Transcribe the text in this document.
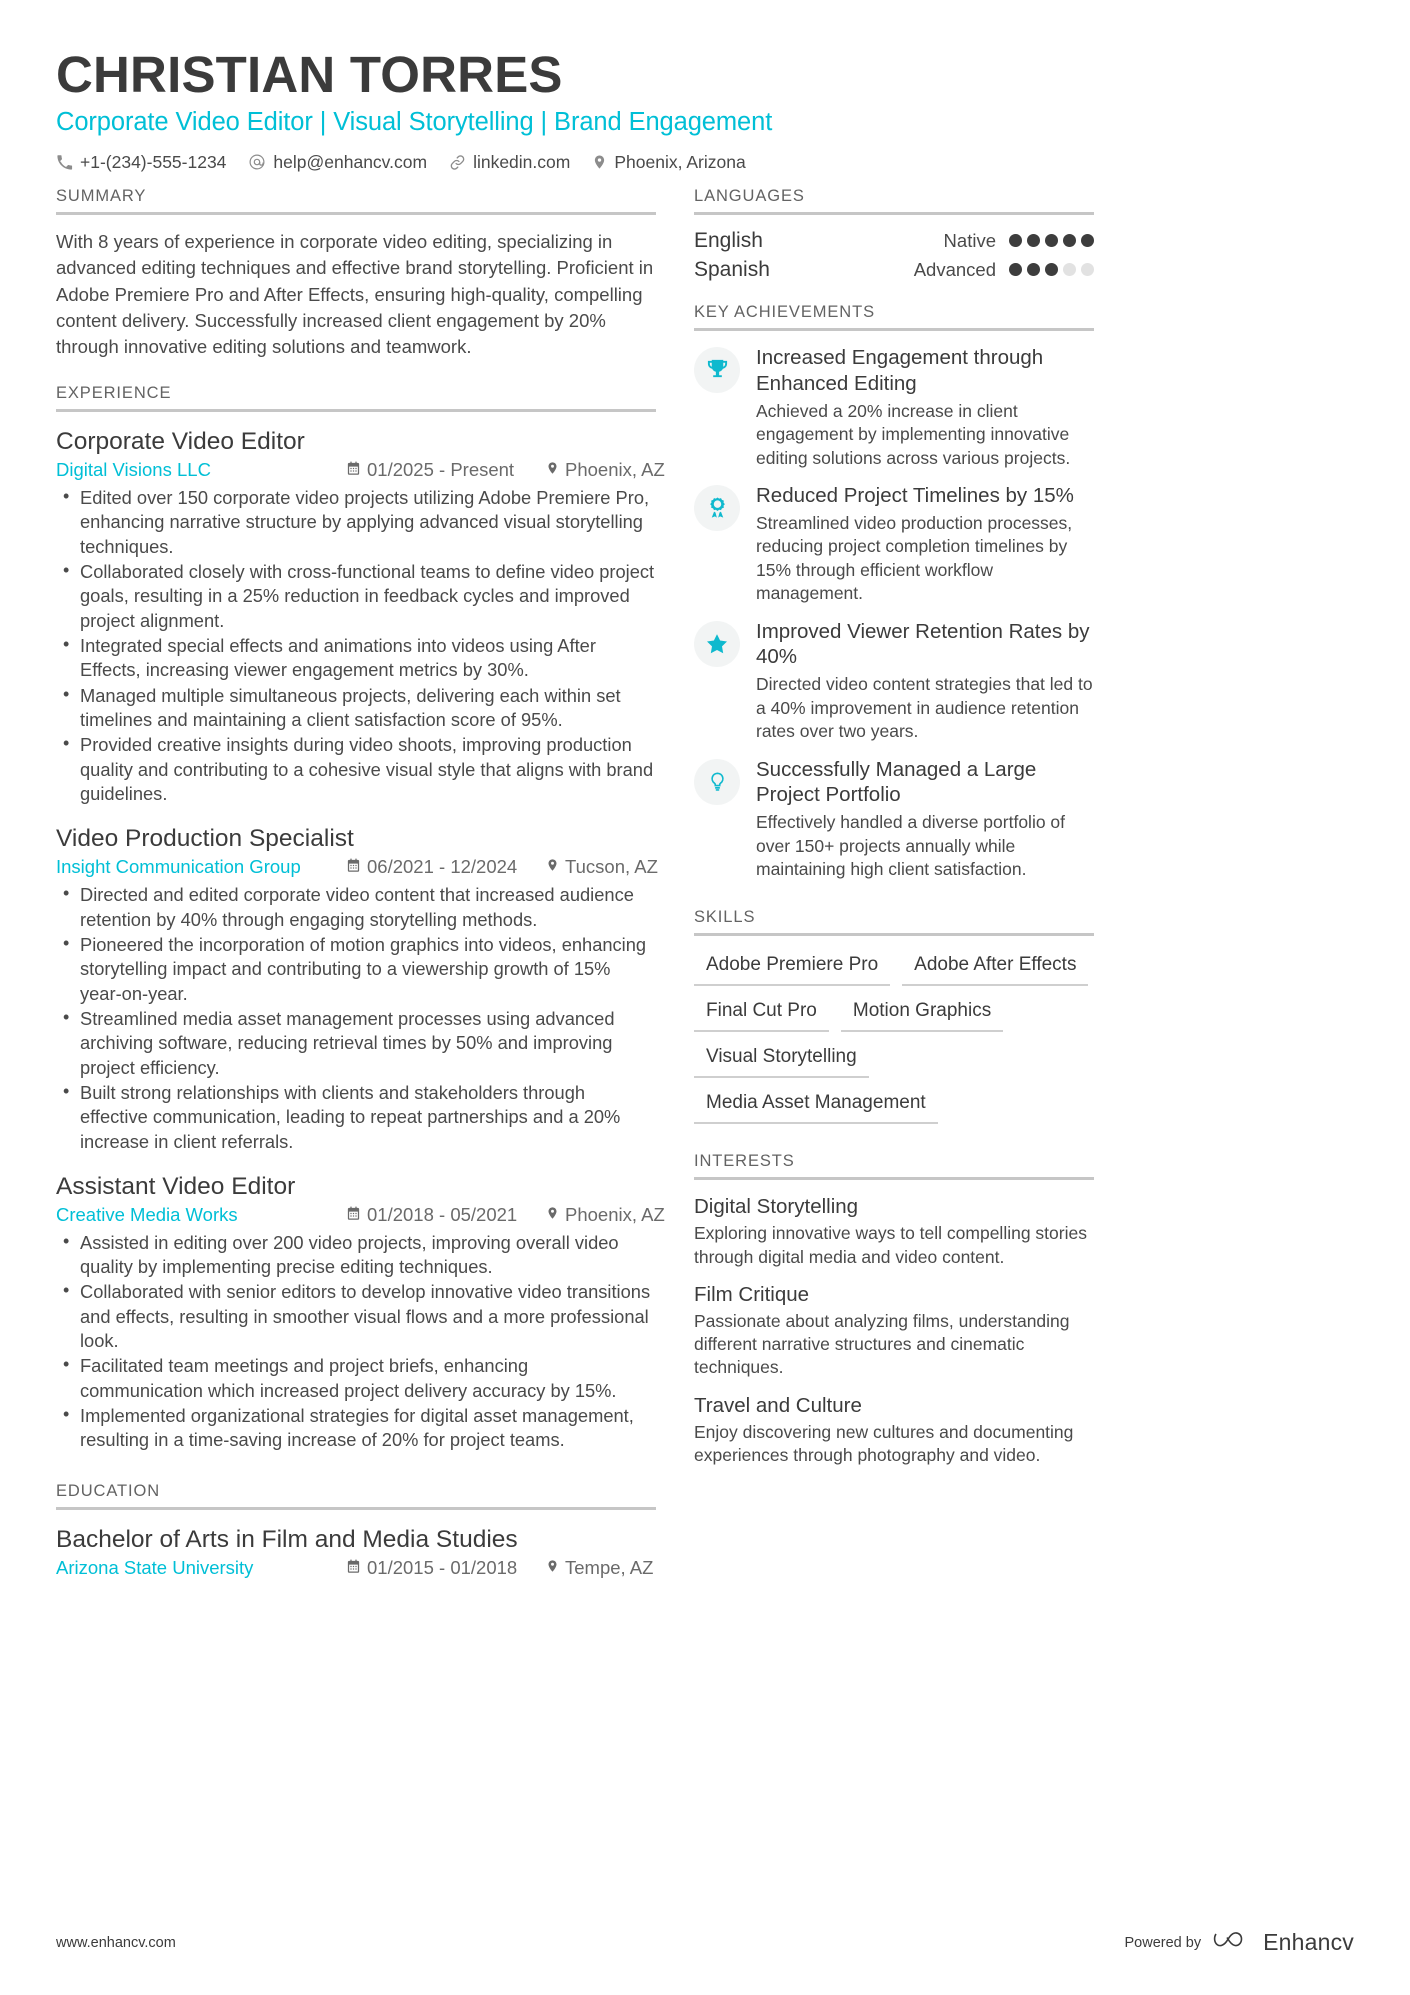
CHRISTIAN TORRES
Corporate Video Editor | Visual Storytelling | Brand Engagement
+1-(234)-555-1234	help@enhancv.com	linkedin.com	Phoenix, Arizona
SUMMARY

With 8 years of experience in corporate video editing, specializing in advanced editing techniques and effective brand storytelling. Proficient in Adobe Premiere Pro and After Effects, ensuring high-quality, compelling content delivery. Successfully increased client engagement by 20% through innovative editing solutions and teamwork.

EXPERIENCE
Corporate Video Editor
Digital Visions LLC	01/2025 - Present	Phoenix, AZ
• Edited over 150 corporate video projects utilizing Adobe Premiere Pro, enhancing narrative structure by applying advanced visual storytelling techniques.
• Collaborated closely with cross-functional teams to define video project goals, resulting in a 25% reduction in feedback cycles and improved project alignment.
• Integrated special effects and animations into videos using After Effects, increasing viewer engagement metrics by 30%.
• Managed multiple simultaneous projects, delivering each within set timelines and maintaining a client satisfaction score of 95%.
• Provided creative insights during video shoots, improving production quality and contributing to a cohesive visual style that aligns with brand guidelines.
Video Production Specialist
Insight Communication Group	06/2021 - 12/2024	Tucson, AZ
• Directed and edited corporate video content that increased audience retention by 40% through engaging storytelling methods.
• Pioneered the incorporation of motion graphics into videos, enhancing storytelling impact and contributing to a viewership growth of 15% year-on-year.
• Streamlined media asset management processes using advanced archiving software, reducing retrieval times by 50% and improving project efficiency.
• Built strong relationships with clients and stakeholders through effective communication, leading to repeat partnerships and a 20% increase in client referrals.
Assistant Video Editor
Creative Media Works	01/2018 - 05/2021	Phoenix, AZ
• Assisted in editing over 200 video projects, improving overall video quality by implementing precise editing techniques.
• Collaborated with senior editors to develop innovative video transitions and effects, resulting in smoother visual flows and a more professional look.
• Facilitated team meetings and project briefs, enhancing communication which increased project delivery accuracy by 15%.
• Implemented organizational strategies for digital asset management, resulting in a time-saving increase of 20% for project teams.
EDUCATION
Bachelor of Arts in Film and Media Studies
Arizona State University	01/2015 - 01/2018	Tempe, AZ
LANGUAGES
English	Native
Spanish	Advanced
KEY ACHIEVEMENTS
Increased Engagement through Enhanced Editing
Achieved a 20% increase in client engagement by implementing innovative editing solutions across various projects.
Reduced Project Timelines by 15%
Streamlined video production processes, reducing project completion timelines by 15% through efficient workflow management.
Improved Viewer Retention Rates by 40%
Directed video content strategies that led to a 40% improvement in audience retention rates over two years.
Successfully Managed a Large Project Portfolio
Effectively handled a diverse portfolio of over 150+ projects annually while maintaining high client satisfaction.
SKILLS
Adobe Premiere Pro	Adobe After Effects
Final Cut Pro	Motion Graphics
Visual Storytelling
Media Asset Management
INTERESTS
Digital Storytelling
Exploring innovative ways to tell compelling stories through digital media and video content.
Film Critique
Passionate about analyzing films, understanding different narrative structures and cinematic techniques.
Travel and Culture
Enjoy discovering new cultures and documenting experiences through photography and video.
www.enhancv.com	Powered by	Enhancv
